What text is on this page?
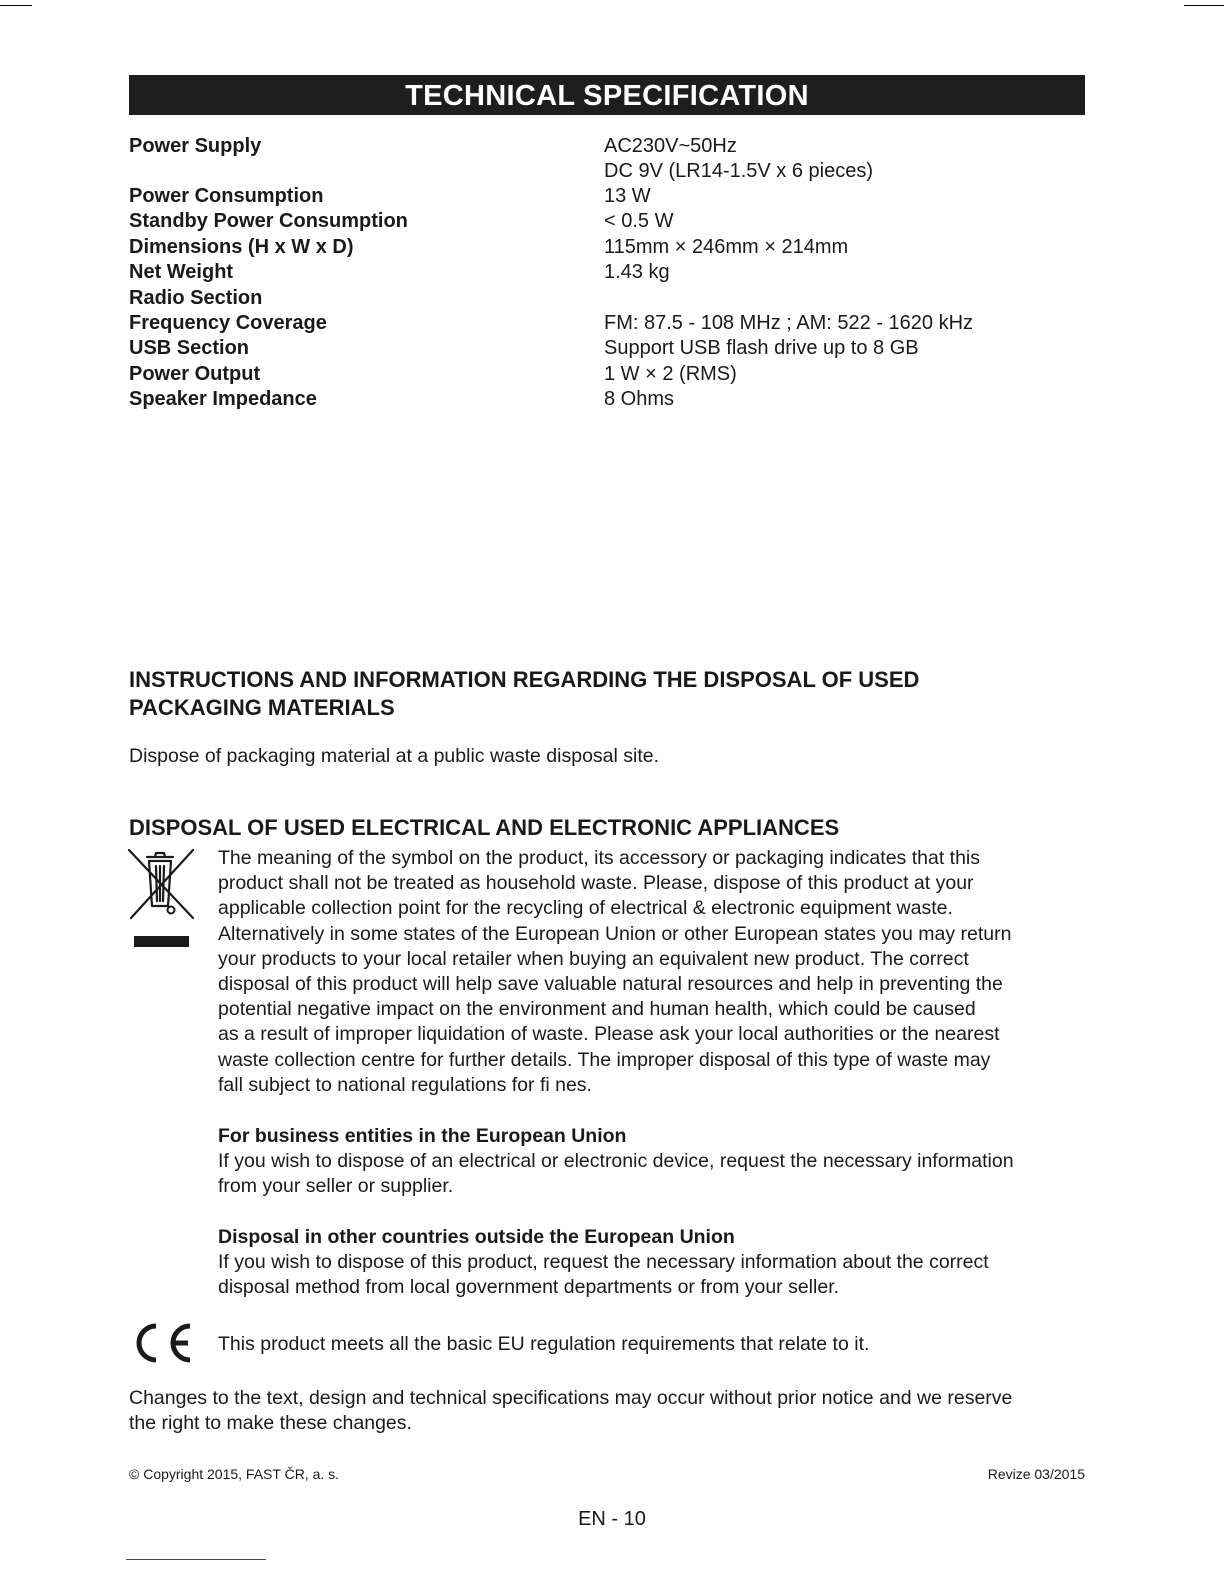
TECHNICAL SPECIFICATION
Power Supply	AC230V~50Hz
DC 9V (LR14-1.5V x 6 pieces)
Power Consumption	13 W
Standby Power Consumption	< 0.5 W
Dimensions (H x W x D)	115mm × 246mm × 214mm
Net Weight	1.43 kg
Radio Section
Frequency Coverage	FM: 87.5 - 108 MHz ; AM: 522 - 1620 kHz
USB Section	Support USB flash drive up to 8 GB
Power Output	1 W × 2 (RMS)
Speaker Impedance	8 Ohms
INSTRUCTIONS AND INFORMATION REGARDING THE DISPOSAL OF USED
PACKAGING MATERIALS
Dispose of packaging material at a public waste disposal site.
DISPOSAL OF USED ELECTRICAL AND ELECTRONIC APPLIANCES
The meaning of the symbol on the product, its accessory or packaging indicates that this
product shall not be treated as household waste. Please, dispose of this product at your
applicable collection point for the recycling of electrical & electronic equipment waste.
Alternatively in some states of the European Union or other European states you may return
your products to your local retailer when buying an equivalent new product. The correct
disposal of this product will help save valuable natural resources and help in preventing the
potential negative impact on the environment and human health, which could be caused
as a result of improper liquidation of waste. Please ask your local authorities or the nearest
waste collection centre for further details. The improper disposal of this type of waste may
fall subject to national regulations for fi nes.
For business entities in the European Union
If you wish to dispose of an electrical or electronic device, request the necessary information
from your seller or supplier.
Disposal in other countries outside the European Union
If you wish to dispose of this product, request the necessary information about the correct
disposal method from local government departments or from your seller.
This product meets all the basic EU regulation requirements that relate to it.
Changes to the text, design and technical specifications may occur without prior notice and we reserve
the right to make these changes.
© Copyright 2015, FAST ČR, a. s.	Revize 03/2015
EN - 10
